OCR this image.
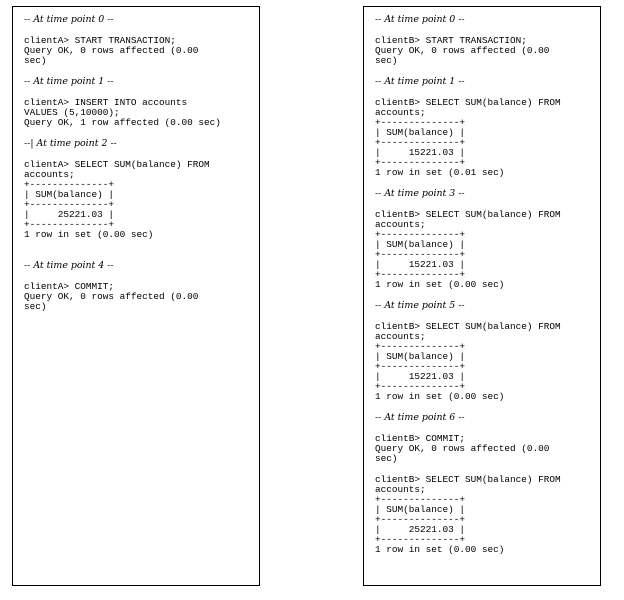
-- At time point 0 --
clientA> START TRANSACTION;
Query OK, 0 rows affected (0.00
sec)
-- At time point 1 --
clientA> INSERT INTO accounts
VALUES (5,10000);
Query OK, 1 row affected (0.00 sec)
--| At time point 2 --
clientA> SELECT SUM(balance) FROM
accounts;
+--------------+
| SUM(balance) |
+--------------+
|     25221.03 |
+--------------+
1 row in set (0.00 sec)
-- At time point 4 --
clientA> COMMIT;
Query OK, 0 rows affected (0.00
sec)
-- At time point 0 --
clientB> START TRANSACTION;
Query OK, 0 rows affected (0.00
sec)
-- At time point 1 --
clientB> SELECT SUM(balance) FROM
accounts;
+--------------+
| SUM(balance) |
+--------------+
|     15221.03 |
+--------------+
1 row in set (0.01 sec)
-- At time point 3 --
clientB> SELECT SUM(balance) FROM
accounts;
+--------------+
| SUM(balance) |
+--------------+
|     15221.03 |
+--------------+
1 row in set (0.00 sec)
-- At time point 5 --
clientB> SELECT SUM(balance) FROM
accounts;
+--------------+
| SUM(balance) |
+--------------+
|     15221.03 |
+--------------+
1 row in set (0.00 sec)
-- At time point 6 --
clientB> COMMIT;
Query OK, 0 rows affected (0.00
sec)
clientB> SELECT SUM(balance) FROM
accounts;
+--------------+
| SUM(balance) |
+--------------+
|     25221.03 |
+--------------+
1 row in set (0.00 sec)
